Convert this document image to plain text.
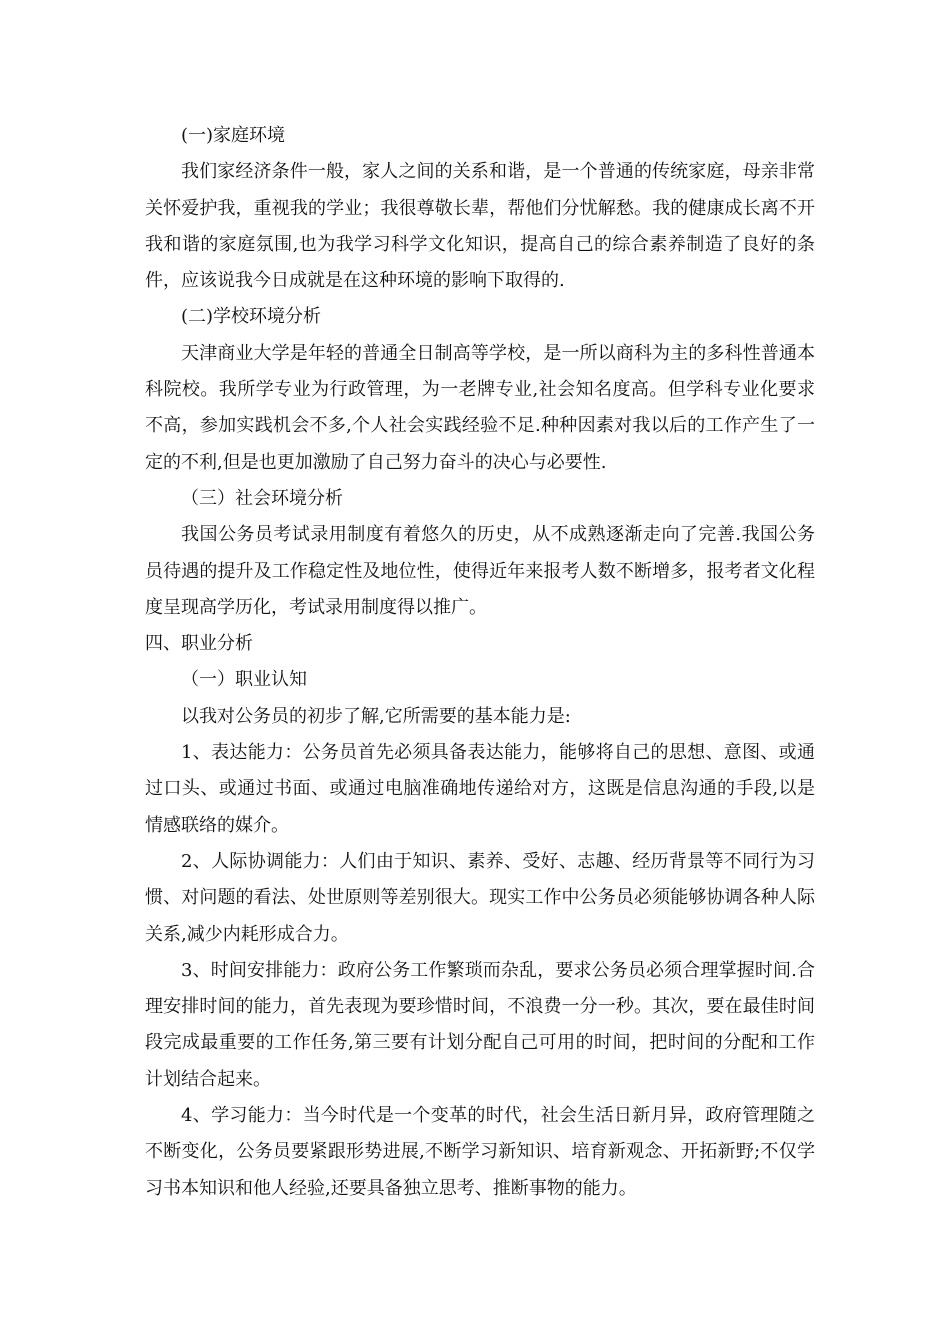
(一)家庭环境

我们家经济条件一般，家人之间的关系和谐，是一个普通的传统家庭，母亲非常关怀爱护我，重视我的学业；我很尊敬长辈，帮他们分忧解愁。我的健康成长离不开我和谐的家庭氛围,也为我学习科学文化知识，提高自己的综合素养制造了良好的条件，应该说我今日成就是在这种环境的影响下取得的.

(二)学校环境分析

天津商业大学是年轻的普通全日制高等学校，是一所以商科为主的多科性普通本科院校。我所学专业为行政管理，为一老牌专业,社会知名度高。但学科专业化要求不高，参加实践机会不多,个人社会实践经验不足.种种因素对我以后的工作产生了一定的不利,但是也更加激励了自己努力奋斗的决心与必要性.

（三）社会环境分析

我国公务员考试录用制度有着悠久的历史，从不成熟逐渐走向了完善.我国公务员待遇的提升及工作稳定性及地位性，使得近年来报考人数不断增多，报考者文化程度呈现高学历化，考试录用制度得以推广。

四、职业分析

（一）职业认知

以我对公务员的初步了解,它所需要的基本能力是:

1、表达能力：公务员首先必须具备表达能力，能够将自己的思想、意图、或通过口头、或通过书面、或通过电脑准确地传递给对方，这既是信息沟通的手段,以是情感联络的媒介。

2、人际协调能力：人们由于知识、素养、受好、志趣、经历背景等不同行为习惯、对问题的看法、处世原则等差别很大。现实工作中公务员必须能够协调各种人际关系,减少内耗形成合力。

3、时间安排能力：政府公务工作繁琐而杂乱，要求公务员必须合理掌握时间.合理安排时间的能力，首先表现为要珍惜时间，不浪费一分一秒。其次，要在最佳时间段完成最重要的工作任务,第三要有计划分配自己可用的时间，把时间的分配和工作计划结合起来。

4、学习能力：当今时代是一个变革的时代，社会生活日新月异，政府管理随之不断变化，公务员要紧跟形势进展,不断学习新知识、培育新观念、开拓新野;不仅学习书本知识和他人经验,还要具备独立思考、推断事物的能力。
